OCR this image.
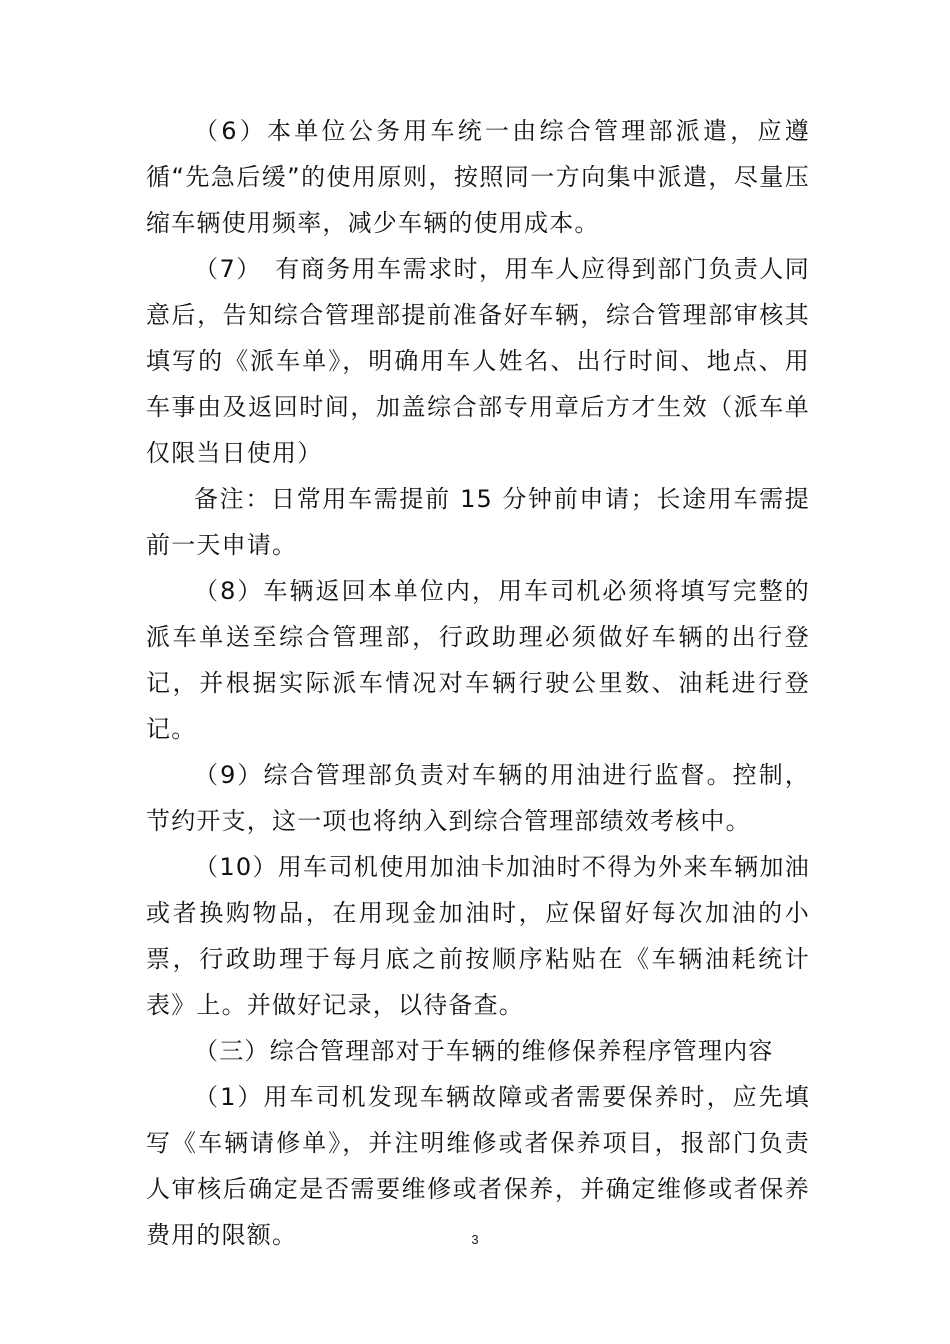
（6）本单位公务用车统一由综合管理部派遣，应遵循“先急后缓”的使用原则，按照同一方向集中派遣，尽量压缩车辆使用频率，减少车辆的使用成本。

（7）　有商务用车需求时，用车人应得到部门负责人同意后，告知综合管理部提前准备好车辆，综合管理部审核其填写的《派车单》，明确用车人姓名、出行时间、地点、用车事由及返回时间，加盖综合部专用章后方才生效（派车单仅限当日使用）

备注：日常用车需提前 15 分钟前申请；长途用车需提前一天申请。

（8）车辆返回本单位内，用车司机必须将填写完整的派车单送至综合管理部，行政助理必须做好车辆的出行登记，并根据实际派车情况对车辆行驶公里数、油耗进行登记。

（9）综合管理部负责对车辆的用油进行监督。控制，节约开支，这一项也将纳入到综合管理部绩效考核中。

（10）用车司机使用加油卡加油时不得为外来车辆加油或者换购物品，在用现金加油时，应保留好每次加油的小票，行政助理于每月底之前按顺序粘贴在《车辆油耗统计表》上。并做好记录，以待备查。

（三）综合管理部对于车辆的维修保养程序管理内容

（1）用车司机发现车辆故障或者需要保养时，应先填写《车辆请修单》，并注明维修或者保养项目，报部门负责人审核后确定是否需要维修或者保养，并确定维修或者保养费用的限额。	3
